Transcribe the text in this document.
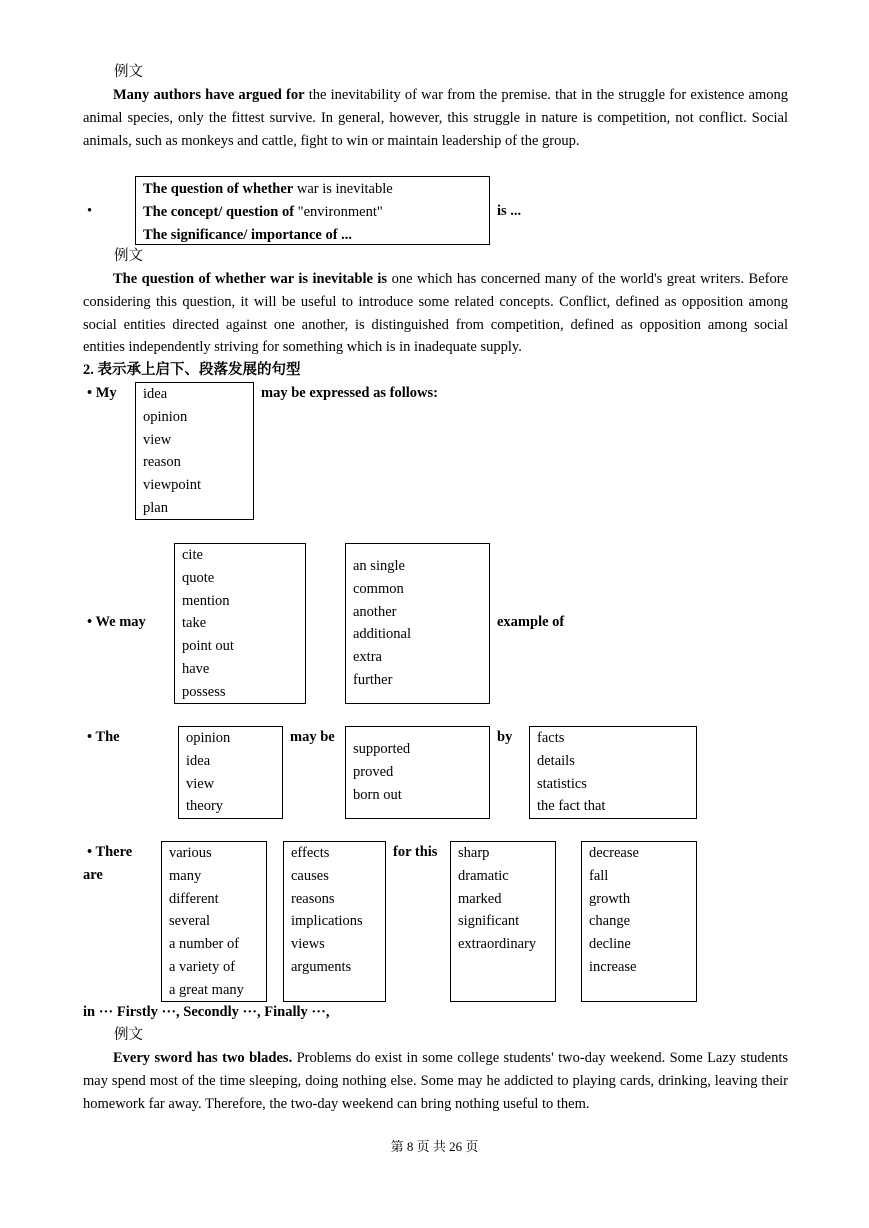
例文

Many authors have argued for the inevitability of war from the premise. that in the struggle for existence among animal species, only the fittest survive. In general, however, this struggle in nature is competition, not conflict. Social animals, such as monkeys and cattle, fight to win or maintain leadership of the group.

•
The question of whether war is inevitable
The concept/ question of "environment"
The significance/ importance of ...
is ...
例文

The question of whether war is inevitable is one which has concerned many of the world's great writers. Before considering this question, it will be useful to introduce some related concepts. Conflict, defined as opposition among social entities directed against one another, is distinguished from competition, defined as opposition among social entities independently striving for something which is in inadequate supply.

2. 表示承上启下、段落发展的句型
• My idea
opinion
view
reason
viewpoint
plan
may be expressed as follows:
• We may
cite
quote
mention
take
point out
have
possess
an single
common
another
additional
extra
further
example of
• The	opinion
idea
view
theory
may be
supported
proved
born out
by facts
details
statistics
the fact that
• There
are
various
many
different
several
a number of
a variety of
a great many
effects
causes
reasons
implications
views
arguments
for this sharp
dramatic
marked
significant
extraordinary
decrease
fall
growth
change
decline
increase
in ··· Firstly ···, Secondly ···, Finally ···,
例文

Every sword has two blades. Problems do exist in some college students' two-day weekend. Some Lazy students may spend most of the time sleeping, doing nothing else. Some may he addicted to playing cards, drinking, leaving their homework far away. Therefore, the two-day weekend can bring nothing useful to them.

第 8 页 共 26 页
